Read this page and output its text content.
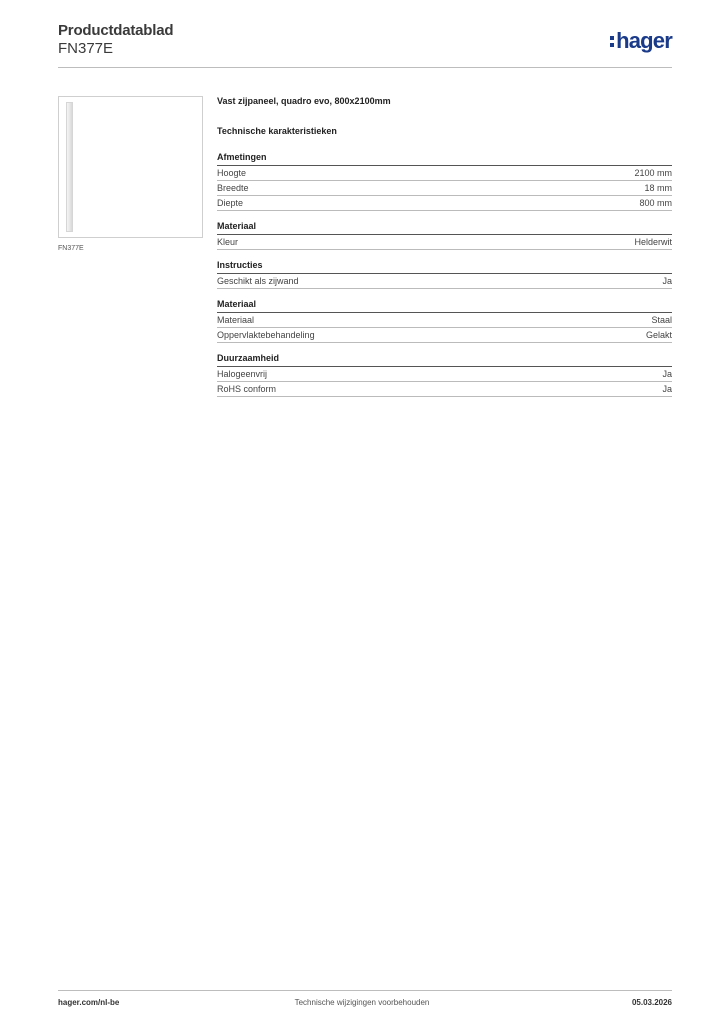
Productdatablad
FN377E	hager
FN377E
Vast zijpaneel, quadro evo, 800x2100mm
Technische karakteristieken
Afmetingen
Hoogte	2100 mm
Breedte	18 mm
Diepte	800 mm
Materiaal
Kleur	Helderwit
Instructies
Geschikt als zijwand	Ja
Materiaal
Materiaal	Staal
Oppervlaktebehandeling	Gelakt
Duurzaamheid
Halogeenvrij	Ja
RoHS conform	Ja
hager.com/nl-be	Technische wijzigingen voorbehouden	05.03.2026
